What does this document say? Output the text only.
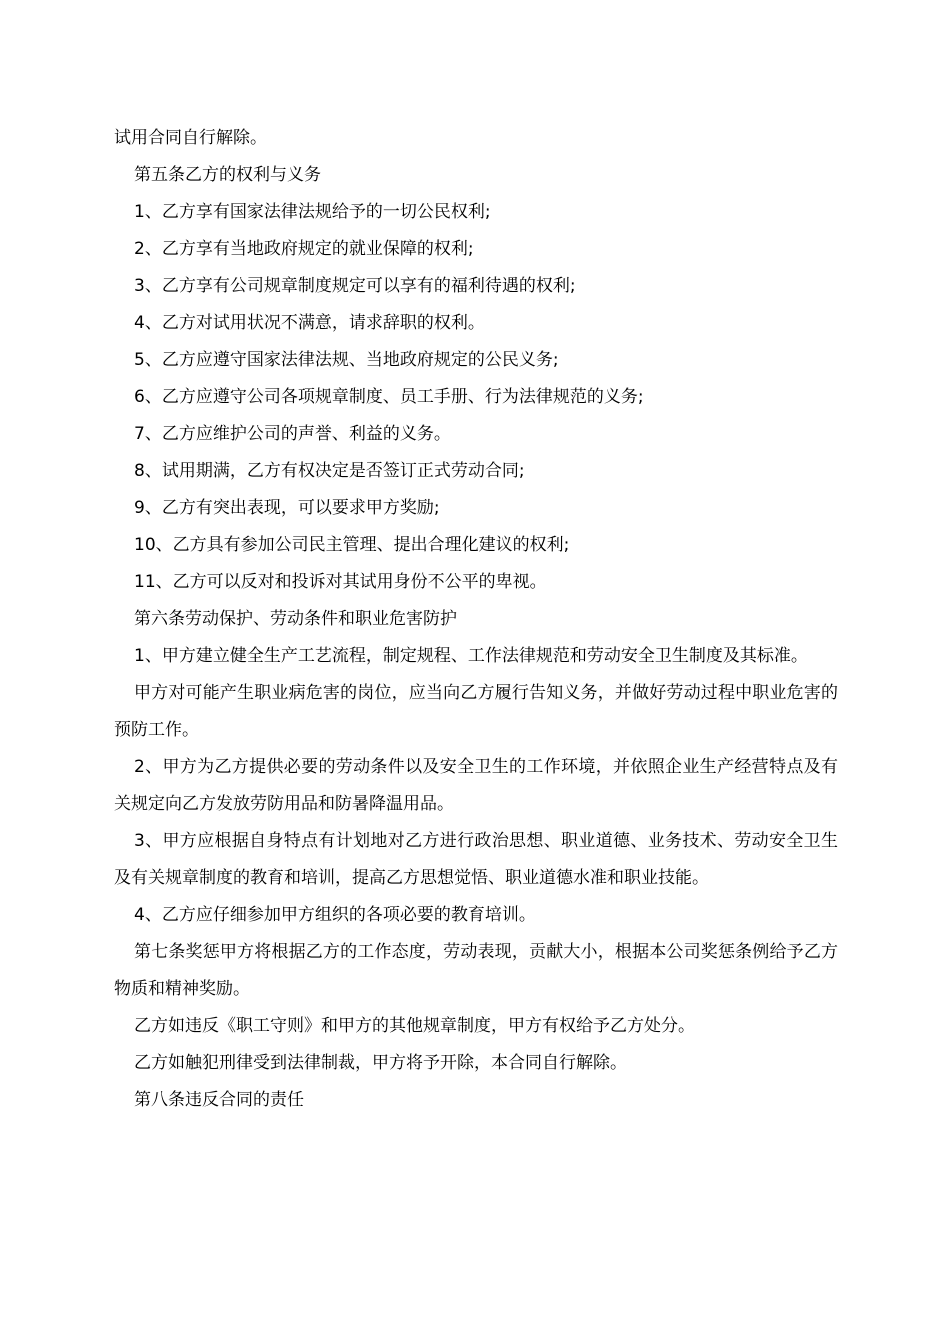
试用合同自行解除。

第五条乙方的权利与义务

1、乙方享有国家法律法规给予的一切公民权利;

2、乙方享有当地政府规定的就业保障的权利;

3、乙方享有公司规章制度规定可以享有的福利待遇的权利;

4、乙方对试用状况不满意，请求辞职的权利。

5、乙方应遵守国家法律法规、当地政府规定的公民义务;

6、乙方应遵守公司各项规章制度、员工手册、行为法律规范的义务;

7、乙方应维护公司的声誉、利益的义务。

8、试用期满，乙方有权决定是否签订正式劳动合同;

9、乙方有突出表现，可以要求甲方奖励;

10、乙方具有参加公司民主管理、提出合理化建议的权利;

11、乙方可以反对和投诉对其试用身份不公平的卑视。

第六条劳动保护、劳动条件和职业危害防护

1、甲方建立健全生产工艺流程，制定规程、工作法律规范和劳动安全卫生制度及其标准。

甲方对可能产生职业病危害的岗位，应当向乙方履行告知义务，并做好劳动过程中职业危害的预防工作。

2、甲方为乙方提供必要的劳动条件以及安全卫生的工作环境，并依照企业生产经营特点及有关规定向乙方发放劳防用品和防暑降温用品。

3、甲方应根据自身特点有计划地对乙方进行政治思想、职业道德、业务技术、劳动安全卫生及有关规章制度的教育和培训，提高乙方思想觉悟、职业道德水准和职业技能。

4、乙方应仔细参加甲方组织的各项必要的教育培训。

第七条奖惩甲方将根据乙方的工作态度，劳动表现，贡献大小，根据本公司奖惩条例给予乙方物质和精神奖励。

乙方如违反《职工守则》和甲方的其他规章制度，甲方有权给予乙方处分。

乙方如触犯刑律受到法律制裁，甲方将予开除，本合同自行解除。

第八条违反合同的责任
